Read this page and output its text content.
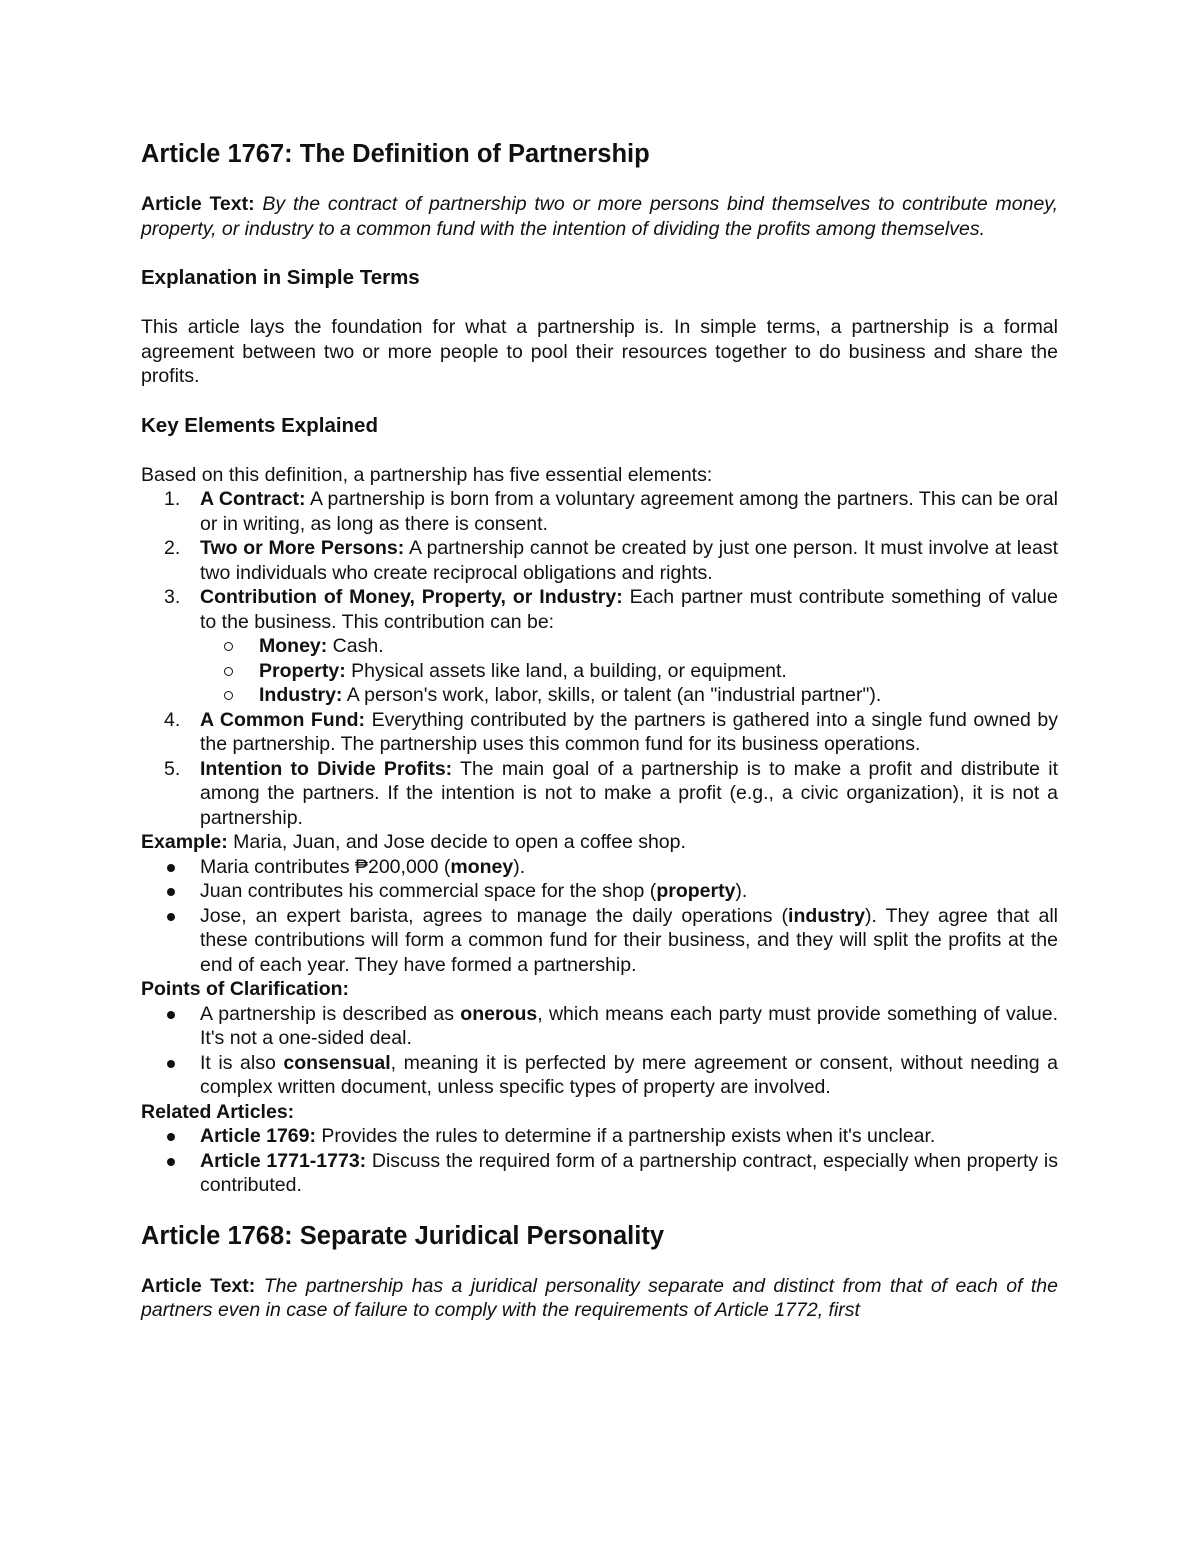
Article 1767: The Definition of Partnership

Article Text: By the contract of partnership two or more persons bind themselves to contribute money, property, or industry to a common fund with the intention of dividing the profits among themselves.

Explanation in Simple Terms

This article lays the foundation for what a partnership is. In simple terms, a partnership is a formal agreement between two or more people to pool their resources together to do business and share the profits.

Key Elements Explained

Based on this definition, a partnership has five essential elements:

1. A Contract: A partnership is born from a voluntary agreement among the partners. This can be oral or in writing, as long as there is consent.
2. Two or More Persons: A partnership cannot be created by just one person. It must involve at least two individuals who create reciprocal obligations and rights.
3. Contribution of Money, Property, or Industry: Each partner must contribute something of value to the business. This contribution can be:
Money: Cash.
Property: Physical assets like land, a building, or equipment.
Industry: A person's work, labor, skills, or talent (an "industrial partner").
4. A Common Fund: Everything contributed by the partners is gathered into a single fund owned by the partnership. The partnership uses this common fund for its business operations.
5. Intention to Divide Profits: The main goal of a partnership is to make a profit and distribute it among the partners. If the intention is not to make a profit (e.g., a civic organization), it is not a partnership.

Example: Maria, Juan, and Jose decide to open a coffee shop.

Maria contributes ₱200,000 (money).
Juan contributes his commercial space for the shop (property).
Jose, an expert barista, agrees to manage the daily operations (industry). They agree that all these contributions will form a common fund for their business, and they will split the profits at the end of each year. They have formed a partnership.

Points of Clarification:

A partnership is described as onerous, which means each party must provide something of value. It's not a one-sided deal.
It is also consensual, meaning it is perfected by mere agreement or consent, without needing a complex written document, unless specific types of property are involved.

Related Articles:

Article 1769: Provides the rules to determine if a partnership exists when it's unclear.
Article 1771-1773: Discuss the required form of a partnership contract, especially when property is contributed.
Article 1768: Separate Juridical Personality

Article Text: The partnership has a juridical personality separate and distinct from that of each of the partners even in case of failure to comply with the requirements of Article 1772, first
